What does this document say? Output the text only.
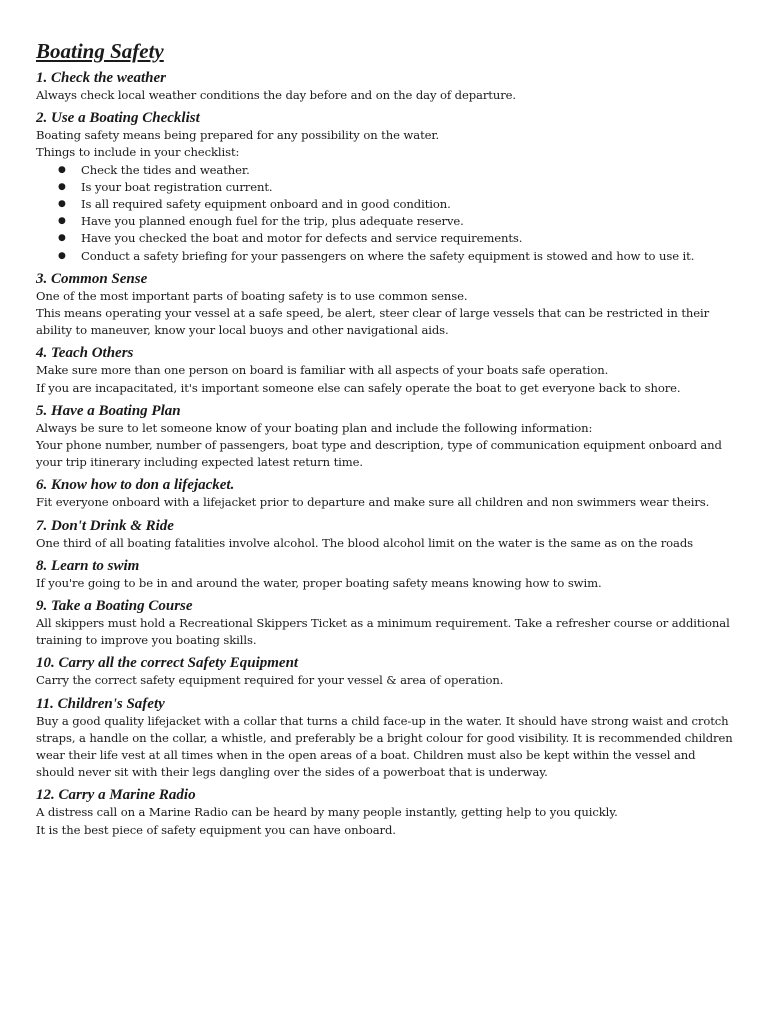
Boating Safety
1. Check the weather

Always check local weather conditions the day before and on the day of departure.

2. Use a Boating Checklist

Boating safety means being prepared for any possibility on the water.

Things to include in your checklist:

● Check the tides and weather.
● Is your boat registration current.
● Is all required safety equipment onboard and in good condition.
● Have you planned enough fuel for the trip, plus adequate reserve.
● Have you checked the boat and motor for defects and service requirements.
● Conduct a safety briefing for your passengers on where the safety equipment is stowed and how to use it.
3. Common Sense

One of the most important parts of boating safety is to use common sense.

This means operating your vessel at a safe speed, be alert, steer clear of large vessels that can be restricted in their ability to maneuver, know your local buoys and other navigational aids.

4. Teach Others

Make sure more than one person on board is familiar with all aspects of your boats safe operation.

If you are incapacitated, it's important someone else can safely operate the boat to get everyone back to shore.

5. Have a Boating Plan

Always be sure to let someone know of your boating plan and include the following information:

Your phone number, number of passengers, boat type and description, type of communication equipment onboard and your trip itinerary including expected latest return time.

6. Know how to don a lifejacket.

Fit everyone onboard with a lifejacket prior to departure and make sure all children and non swimmers wear theirs.

7. Don't Drink & Ride

One third of all boating fatalities involve alcohol. The blood alcohol limit on the water is the same as on the roads

8. Learn to swim

If you're going to be in and around the water, proper boating safety means knowing how to swim.

9. Take a Boating Course

All skippers must hold a Recreational Skippers Ticket as a minimum requirement. Take a refresher course or additional training to improve you boating skills.

10. Carry all the correct Safety Equipment

Carry the correct safety equipment required for your vessel & area of operation.

11. Children's Safety

Buy a good quality lifejacket with a collar that turns a child face-up in the water. It should have strong waist and crotch straps, a handle on the collar, a whistle, and preferably be a bright colour for good visibility. It is recommended children wear their life vest at all times when in the open areas of a boat. Children must also be kept within the vessel and should never sit with their legs dangling over the sides of a powerboat that is underway.

12. Carry a Marine Radio

A distress call on a Marine Radio can be heard by many people instantly, getting help to you quickly.

It is the best piece of safety equipment you can have onboard.
